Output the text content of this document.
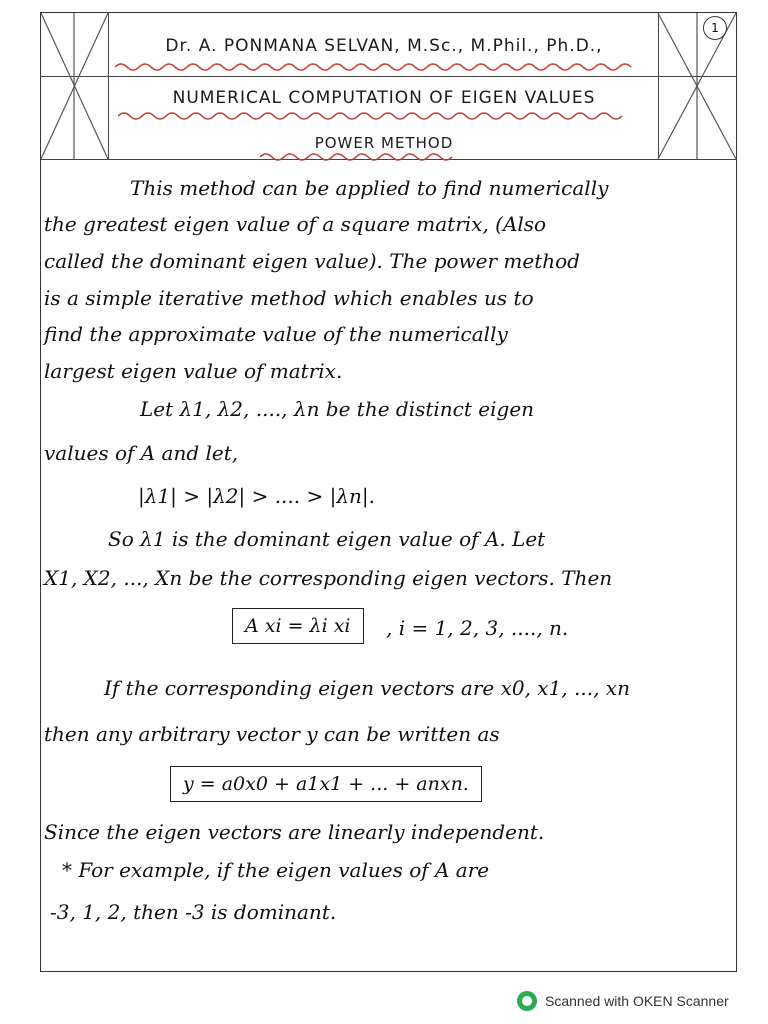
1
Dr. A. PONMANA SELVAN, M.Sc., M.Phil., Ph.D.,
NUMERICAL COMPUTATION OF EIGEN VALUES
POWER METHOD
This method can be applied to find numerically
the greatest eigen value of a square matrix, (Also
called the dominant eigen value). The power method
is a simple iterative method which enables us to
find the approximate value of the numerically
largest eigen value of matrix.
Let λ1, λ2, ...., λn be the distinct eigen
values of A and let,
|λ1| > |λ2| > .... > |λn|.
So λ1 is the dominant eigen value of A. Let
X1, X2, ..., Xn be the corresponding eigen vectors. Then
A xi = λi xi	, i = 1, 2, 3, ...., n.
If the corresponding eigen vectors are x0, x1, ..., xn
then any arbitrary vector y can be written as
y = a0x0 + a1x1 + ... + anxn.
Since the eigen vectors are linearly independent.
* For example, if the eigen values of A are
-3, 1, 2, then -3 is dominant.
Scanned with OKEN Scanner
